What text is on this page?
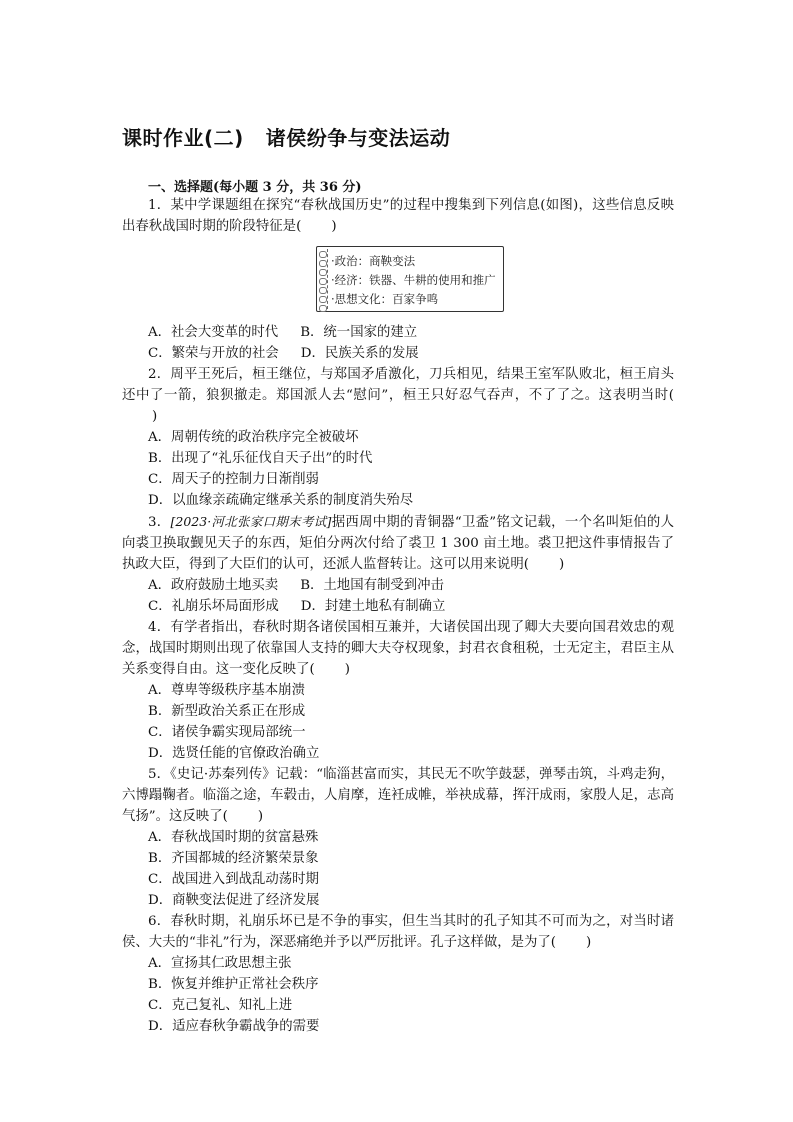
课时作业(二) 诸侯纷争与变法运动
一、选择题(每小题 3 分，共 36 分)

1．某中学课题组在探究“春秋战国历史”的过程中搜集到下列信息(如图)，这些信息反映出春秋战国时期的阶段特征是( )

·政治：商鞅变法
·经济：铁器、牛耕的使用和推广
·思想文化：百家争鸣

A．社会大变革的时代 B．统一国家的建立

C．繁荣与开放的社会 D．民族关系的发展

2．周平王死后，桓王继位，与郑国矛盾激化，刀兵相见，结果王室军队败北，桓王肩头还中了一箭，狼狈撤走。郑国派人去“慰问”，桓王只好忍气吞声，不了了之。这表明当时()

A．周朝传统的政治秩序完全被破坏

B．出现了“礼乐征伐自天子出”的时代

C．周天子的控制力日渐削弱

D．以血缘亲疏确定继承关系的制度消失殆尽

3．[2023·河北张家口期末考试]据西周中期的青铜器“卫盉”铭文记载，一个名叫矩伯的人向裘卫换取觐见天子的东西，矩伯分两次付给了裘卫 1 300 亩土地。裘卫把这件事情报告了执政大臣，得到了大臣们的认可，还派人监督转让。这可以用来说明( )

A．政府鼓励土地买卖 B．土地国有制受到冲击

C．礼崩乐坏局面形成 D．封建土地私有制确立

4．有学者指出，春秋时期各诸侯国相互兼并，大诸侯国出现了卿大夫要向国君效忠的观念，战国时期则出现了依靠国人支持的卿大夫夺权现象，封君衣食租税，士无定主，君臣主从关系变得自由。这一变化反映了( )

A．尊卑等级秩序基本崩溃

B．新型政治关系正在形成

C．诸侯争霸实现局部统一

D．选贤任能的官僚政治确立

5．《史记·苏秦列传》记载：“临淄甚富而实，其民无不吹竽鼓瑟，弹琴击筑，斗鸡走狗，六博蹋鞠者。临淄之途，车毂击，人肩摩，连衽成帷，举袂成幕，挥汗成雨，家殷人足，志高气扬”。这反映了( )

A．春秋战国时期的贫富悬殊

B．齐国都城的经济繁荣景象

C．战国进入到战乱动荡时期

D．商鞅变法促进了经济发展

6．春秋时期，礼崩乐坏已是不争的事实，但生当其时的孔子知其不可而为之，对当时诸侯、大夫的“非礼”行为，深恶痛绝并予以严厉批评。孔子这样做，是为了( )

A．宣扬其仁政思想主张

B．恢复并维护正常社会秩序

C．克己复礼、知礼上进

D．适应春秋争霸战争的需要
